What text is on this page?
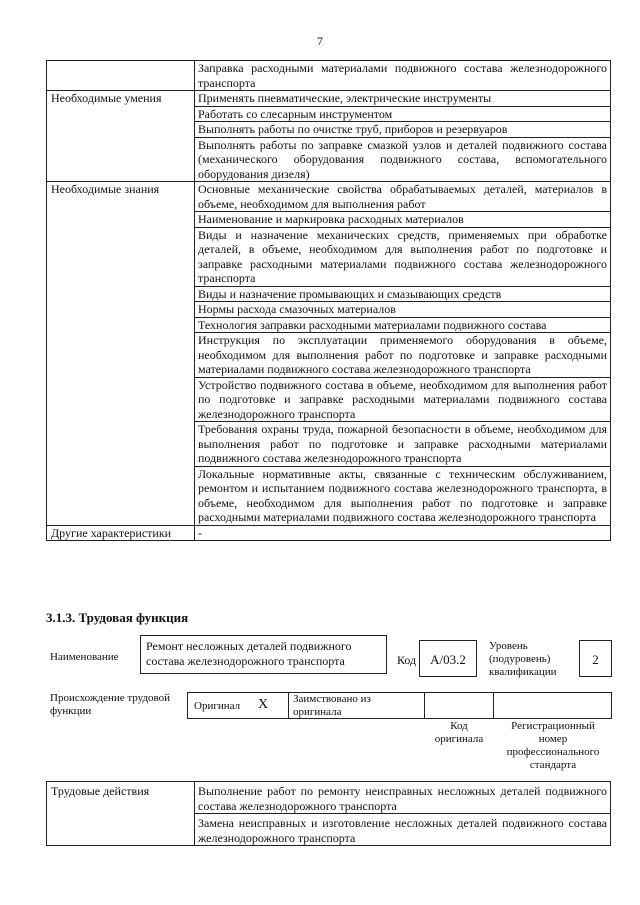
7
	Заправка расходными материалами подвижного состава железнодорожного транспорта
Необходимые умения	Применять пневматические, электрические инструменты
	Работать со слесарным инструментом
	Выполнять работы по очистке труб, приборов и резервуаров
	Выполнять работы по заправке смазкой узлов и деталей подвижного состава (механического оборудования подвижного состава, вспомогательного оборудования дизеля)
Необходимые знания	Основные механические свойства обрабатываемых деталей, материалов в объеме, необходимом для выполнения работ
	Наименование и маркировка расходных материалов
	Виды и назначение механических средств, применяемых при обработке деталей, в объеме, необходимом для выполнения работ по подготовке и заправке расходными материалами подвижного состава железнодорожного транспорта
	Виды и назначение промывающих и смазывающих средств
	Нормы расхода смазочных материалов
	Технология заправки расходными материалами подвижного состава
	Инструкция по эксплуатации применяемого оборудования в объеме, необходимом для выполнения работ по подготовке и заправке расходными материалами подвижного состава железнодорожного транспорта
	Устройство подвижного состава в объеме, необходимом для выполнения работ по подготовке и заправке расходными материалами подвижного состава железнодорожного транспорта
	Требования охраны труда, пожарной безопасности в объеме, необходимом для выполнения работ по подготовке и заправке расходными материалами подвижного состава железнодорожного транспорта
	Локальные нормативные акты, связанные с техническим обслуживанием, ремонтом и испытанием подвижного состава железнодорожного транспорта, в объеме, необходимом для выполнения работ по подготовке и заправке расходными материалами подвижного состава железнодорожного транспорта
Другие характеристики	-
3.1.3. Трудовая функция
Наименование
Ремонт несложных деталей подвижного состава железнодорожного транспорта	Код	A/03.2
Уровень (подуровень) квалификации
2
Происхождение трудовой функции	Оригинал X Заимствовано из оригинала
Код оригинала
Регистрационный номер профессионального стандарта
Трудовые действия	Выполнение работ по ремонту неисправных несложных деталей подвижного состава железнодорожного транспорта
Замена неисправных и изготовление несложных деталей подвижного состава железнодорожного транспорта
